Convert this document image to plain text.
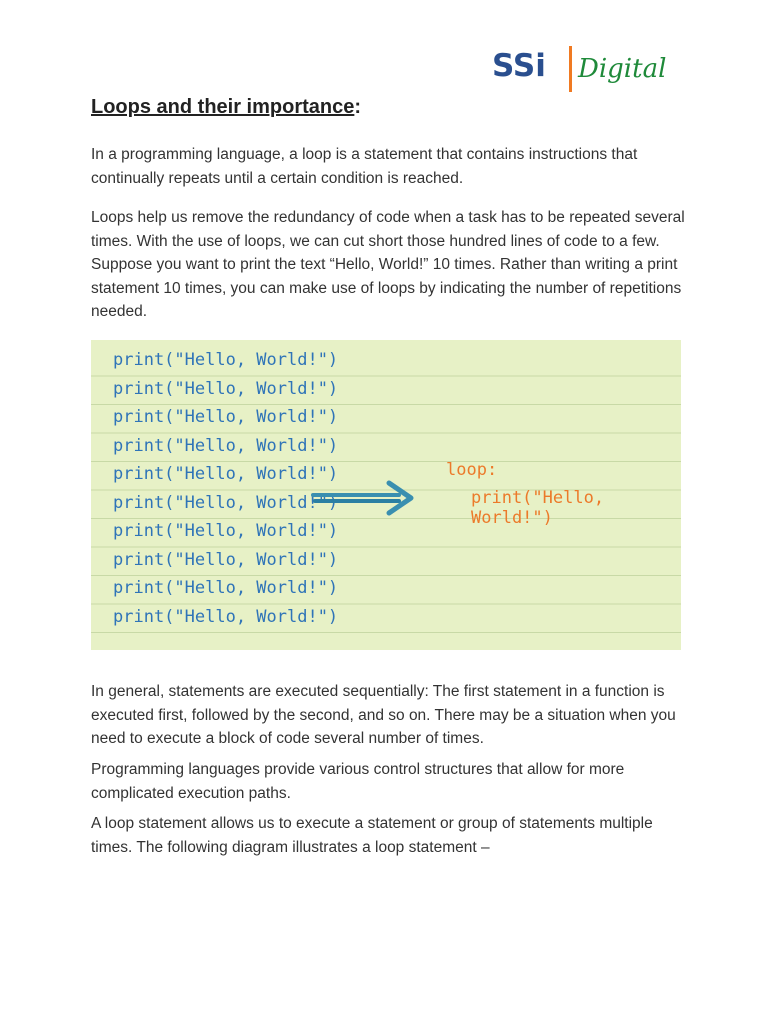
SSi Digital
Loops and their importance:

In a programming language, a loop is a statement that contains instructions that continually repeats until a certain condition is reached.

Loops help us remove the redundancy of code when a task has to be repeated several times. With the use of loops, we can cut short those hundred lines of code to a few. Suppose you want to print the text “Hello, World!” 10 times. Rather than writing a print statement 10 times, you can make use of loops by indicating the number of repetitions needed.

print("Hello, World!")
print("Hello, World!")
print("Hello, World!")
print("Hello, World!")
print("Hello, World!")
print("Hello, World!")
print("Hello, World!")
print("Hello, World!")
print("Hello, World!")
print("Hello, World!")
loop:
print("Hello, World!")

In general, statements are executed sequentially: The first statement in a function is executed first, followed by the second, and so on. There may be a situation when you need to execute a block of code several number of times.

Programming languages provide various control structures that allow for more complicated execution paths.

A loop statement allows us to execute a statement or group of statements multiple times. The following diagram illustrates a loop statement –
